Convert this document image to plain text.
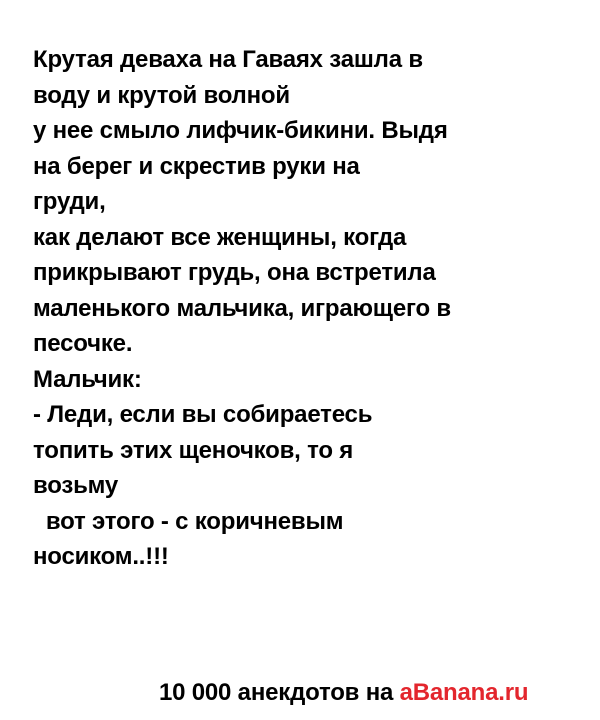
Крутая деваха на Гаваях зашла в
воду и крутой волной
у нее смыло лифчик-бикини. Выдя
на берег и скрестив руки на
груди,
как делают все женщины, когда
прикрывают грудь, она встретила
маленького мальчика, играющего в
песочке.
Мальчик:
- Леди, если вы собираетесь
топить этих щеночков, то я
возьму
вот этого - с коричневым
носиком..!!!
10 000 анекдотов на aBanana.ru
